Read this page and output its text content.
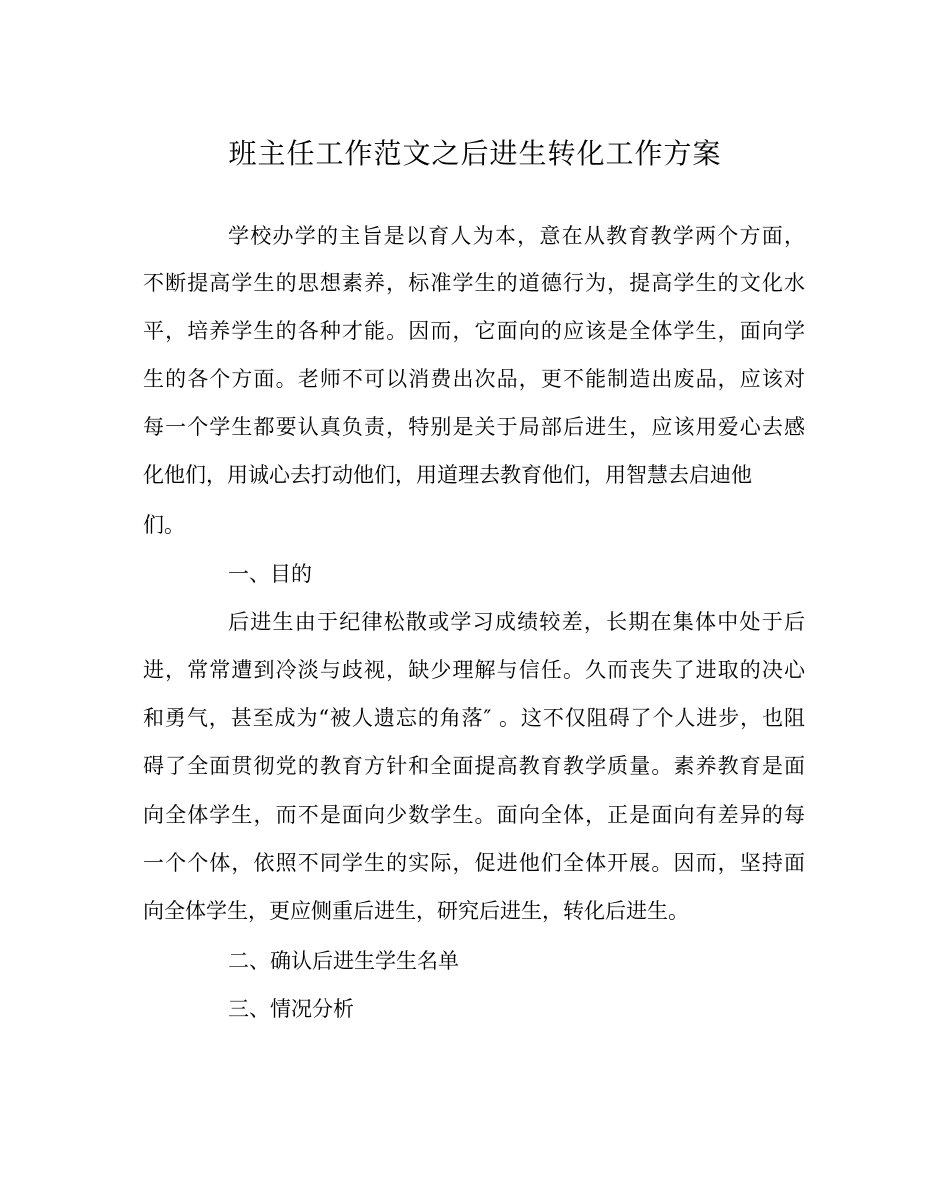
班主任工作范文之后进生转化工作方案
学校办学的主旨是以育人为本，意在从教育教学两个方面，
不断提高学生的思想素养，标准学生的道德行为，提高学生的文化水
平，培养学生的各种才能。因而，它面向的应该是全体学生，面向学
生的各个方面。老师不可以消费出次品，更不能制造出废品，应该对
每一个学生都要认真负责，特别是关于局部后进生，应该用爱心去感
化他们，用诚心去打动他们，用道理去教育他们，用智慧去启迪他
们。
一、目的
后进生由于纪律松散或学习成绩较差，长期在集体中处于后
进，常常遭到冷淡与歧视，缺少理解与信任。久而丧失了进取的决心
和勇气，甚至成为“被人遗忘的角落″ 。这不仅阻碍了个人进步，也阻
碍了全面贯彻党的教育方针和全面提高教育教学质量。素养教育是面
向全体学生，而不是面向少数学生。面向全体，正是面向有差异的每
一个个体，依照不同学生的实际，促进他们全体开展。因而，坚持面
向全体学生，更应侧重后进生，研究后进生，转化后进生。
二、确认后进生学生名单
三、情况分析
